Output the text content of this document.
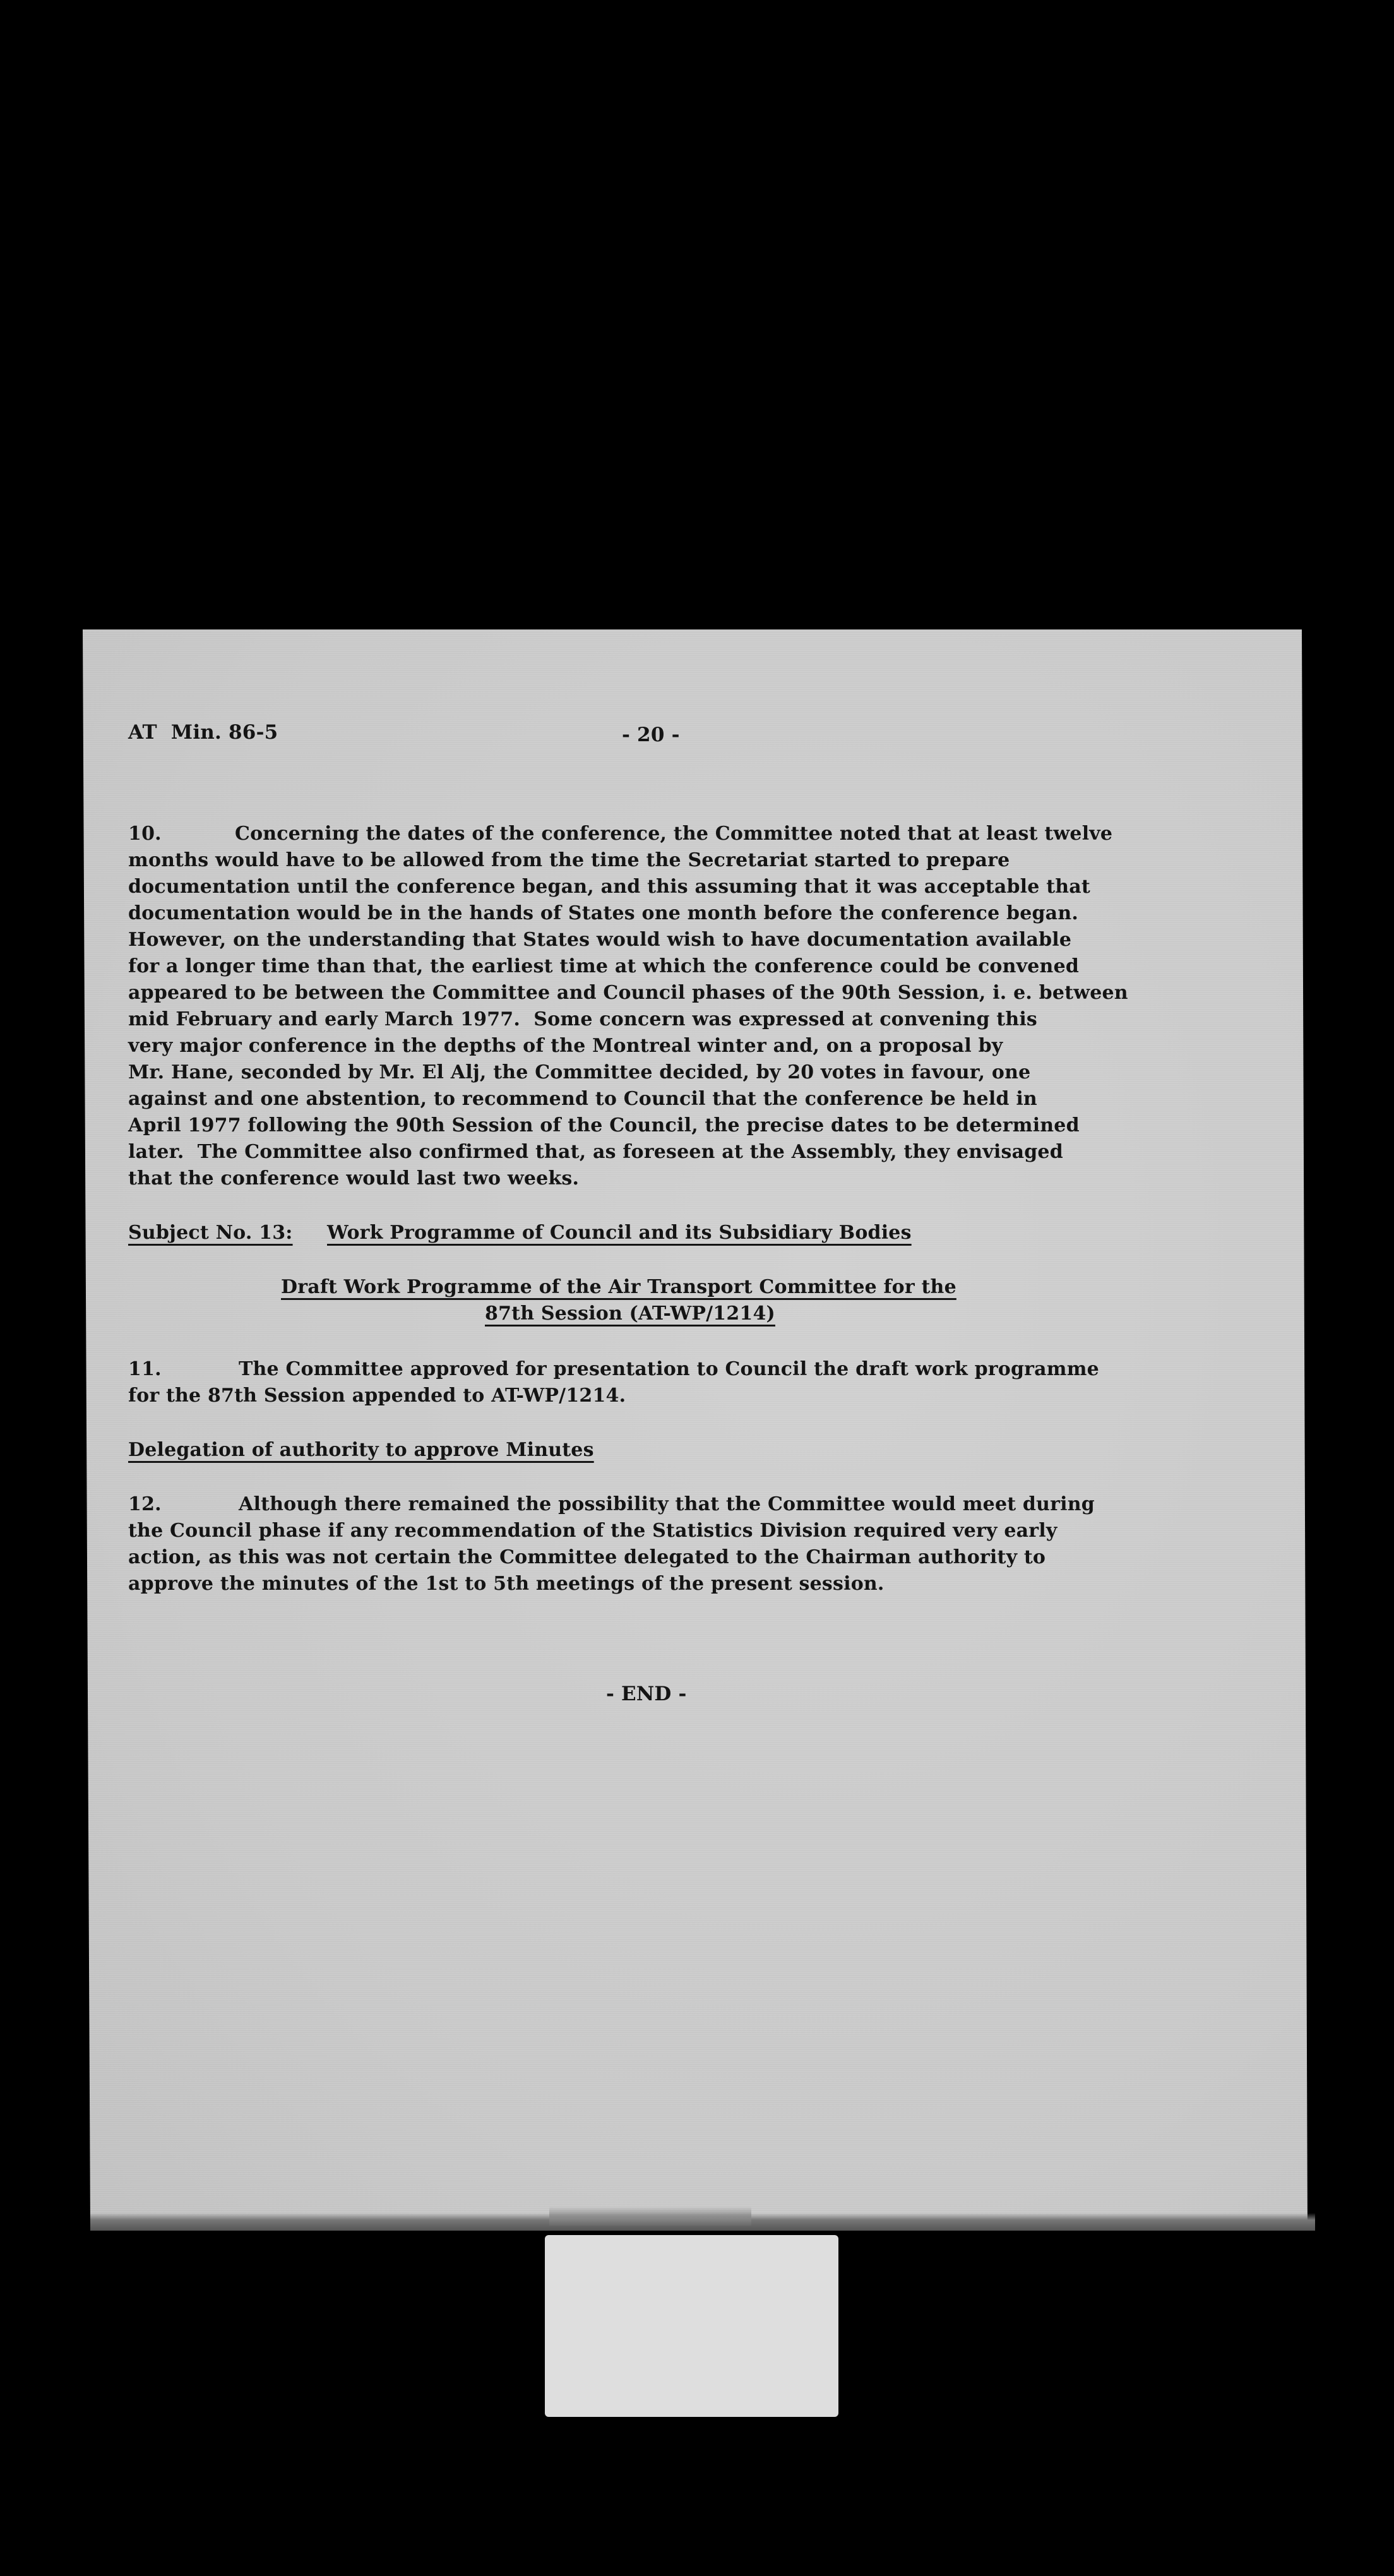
AT  Min. 86-5	- 20 -
10.	Concerning the dates of the conference, the Committee noted that at least twelve
months would have to be allowed from the time the Secretariat started to prepare
documentation until the conference began, and this assuming that it was acceptable that
documentation would be in the hands of States one month before the conference began.
However, on the understanding that States would wish to have documentation available
for a longer time than that, the earliest time at which the conference could be convened
appeared to be between the Committee and Council phases of the 90th Session, i. e. between
mid February and early March 1977.  Some concern was expressed at convening this
very major conference in the depths of the Montreal winter and, on a proposal by
Mr. Hane, seconded by Mr. El Alj, the Committee decided, by 20 votes in favour, one
against and one abstention, to recommend to Council that the conference be held in
April 1977 following the 90th Session of the Council, the precise dates to be determined
later.  The Committee also confirmed that, as foreseen at the Assembly, they envisaged
that the conference would last two weeks.
Subject No. 13: Work Programme of Council and its Subsidiary Bodies
Draft Work Programme of the Air Transport Committee for the
87th Session (AT-WP/1214)
11.	The Committee approved for presentation to Council the draft work programme
for the 87th Session appended to AT-WP/1214.
Delegation of authority to approve Minutes
12.	Although there remained the possibility that the Committee would meet during
the Council phase if any recommendation of the Statistics Division required very early
action, as this was not certain the Committee delegated to the Chairman authority to
approve the minutes of the 1st to 5th meetings of the present session.
- END -
